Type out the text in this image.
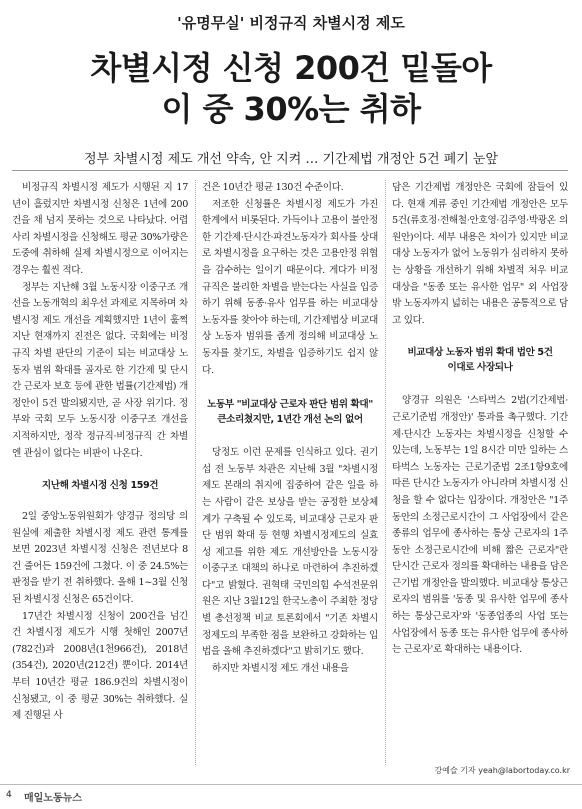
'유명무실' 비정규직 차별시정 제도
차별시정 신청 200건 밑돌아
이 중 30%는 취하
정부 차별시정 제도 개선 약속, 안 지켜 … 기간제법 개정안 5건 폐기 눈앞

비정규직 차별시정 제도가 시행된 지 17년이 흘렀지만 차별시정 신청은 1년에 200건을 채 넘지 못하는 것으로 나타났다. 어렵사리 차별시정을 신청해도 평균 30%가량은 도중에 취하해 실제 차별시정으로 이어지는 경우는 훨씬 적다.

정부는 지난해 3월 노동시장 이중구조 개선을 노동개혁의 최우선 과제로 지목하며 차별시정 제도 개선을 계획했지만 1년이 훌쩍 지난 현재까지 진전은 없다. 국회에는 비정규직 차별 판단의 기준이 되는 비교대상 노동자 범위 확대를 골자로 한 기간제 및 단시간 근로자 보호 등에 관한 법률(기간제법) 개정안이 5건 발의됐지만, 곧 사장 위기다. 정부와 국회 모두 노동시장 이중구조 개선을 지적하지만, 정작 정규직·비정규직 간 차별엔 관심이 없다는 비판이 나온다.

지난해 차별시정 신청 159건

2일 중앙노동위원회가 양경규 정의당 의원실에 제출한 차별시정 제도 관련 통계를 보면 2023년 차별시정 신청은 전년보다 8건 줄어든 159건에 그쳤다. 이 중 24.5%는 판정을 받기 전 취하했다. 올해 1~3월 신청된 차별시정 신청은 65건이다.

17년간 차별시정 신청이 200건을 넘긴 건 차별시정 제도가 시행 첫해인 2007년(782건)과 2008년(1천966건), 2018년(354건), 2020년(212건) 뿐이다. 2014년부터 10년간 평균 186.9건의 차별시정이 신청됐고, 이 중 평균 30%는 취하했다. 실제 진행된 사

건은 10년간 평균 130건 수준이다.

저조한 신청률은 차별시정 제도가 가진 한계에서 비롯된다. 가득이나 고용이 불안정한 기간제·단시간·파견노동자가 회사를 상대로 차별시정을 요구하는 것은 고용안정 위협을 감수하는 일이기 때문이다. 게다가 비정규직은 불리한 차별을 받는다는 사실을 입증하기 위해 동종·유사 업무를 하는 비교대상 노동자를 찾아야 하는데, 기간제법상 비교대상 노동자 범위를 좁게 정의해 비교대상 노동자를 찾기도, 차별을 입증하기도 쉽지 않다.

노동부 "비교대상 근로자 판단 범위 확대"
큰소리쳤지만, 1년간 개선 논의 없어

당정도 이런 문제를 인식하고 있다. 권기섭 전 노동부 차관은 지난해 3월 "차별시정제도 본래의 취지에 집중하여 같은 일을 하는 사람이 같은 보상을 받는 공정한 보상체계가 구축될 수 있도록, 비교대상 근로자 판단 범위 확대 등 현행 차별시정제도의 실효성 제고를 위한 제도 개선방안을 노동시장 이중구조 대책의 하나로 마련하여 추진하겠다"고 밝혔다. 권혁태 국민의힘 수석전문위원은 지난 3월12일 한국노총이 주최한 정당별 총선정책 비교 토론회에서 "기존 차별시정제도의 부족한 점을 보완하고 강화하는 입법을 올해 추진하겠다"고 밝히기도 했다.

하지만 차별시정 제도 개선 내용을

담은 기간제법 개정안은 국회에 잠들어 있다. 현재 계류 중인 기간제법 개정안은 모두 5건(류호정·전해철·안호영·김주영·박광온 의원안)이다. 세부 내용은 차이가 있지만 비교대상 노동자가 없어 노동위가 심리하지 못하는 상황을 개선하기 위해 차별적 처우 비교대상을 "동종 또는 유사한 업무" 외 사업장 밖 노동자까지 넓히는 내용은 공통적으로 담고 있다.

비교대상 노동자 범위 확대 법안 5건
이대로 사장되나

양경규 의원은 '스타벅스 2법(기간제법·근로기준법 개정안)' 통과를 촉구했다. 기간제·단시간 노동자는 차별시정을 신청할 수 있는데, 노동부는 1일 8시간 미만 일하는 스타벅스 노동자는 근로기준법 2조1항9호에 따른 단시간 노동자가 아니라며 차별시정 신청을 할 수 없다는 입장이다. 개정안은 "1주 동안의 소정근로시간이 그 사업장에서 같은 종류의 업무에 종사하는 통상 근로자의 1주 동안 소정근로시간에 비해 짧은 근로자"란 단시간 근로자 정의를 확대하는 내용을 담은 근기법 개정안을 발의했다. 비교대상 통상근로자의 범위를 '동종 및 유사한 업무에 종사하는 통상근로자'와 '동종업종의 사업 또는 사업장에서 동종 또는 유사한 업무에 종사하는 근로자'로 확대하는 내용이다.

강예슬 기자 yeah@labortoday.co.kr
4 매일노동뉴스
